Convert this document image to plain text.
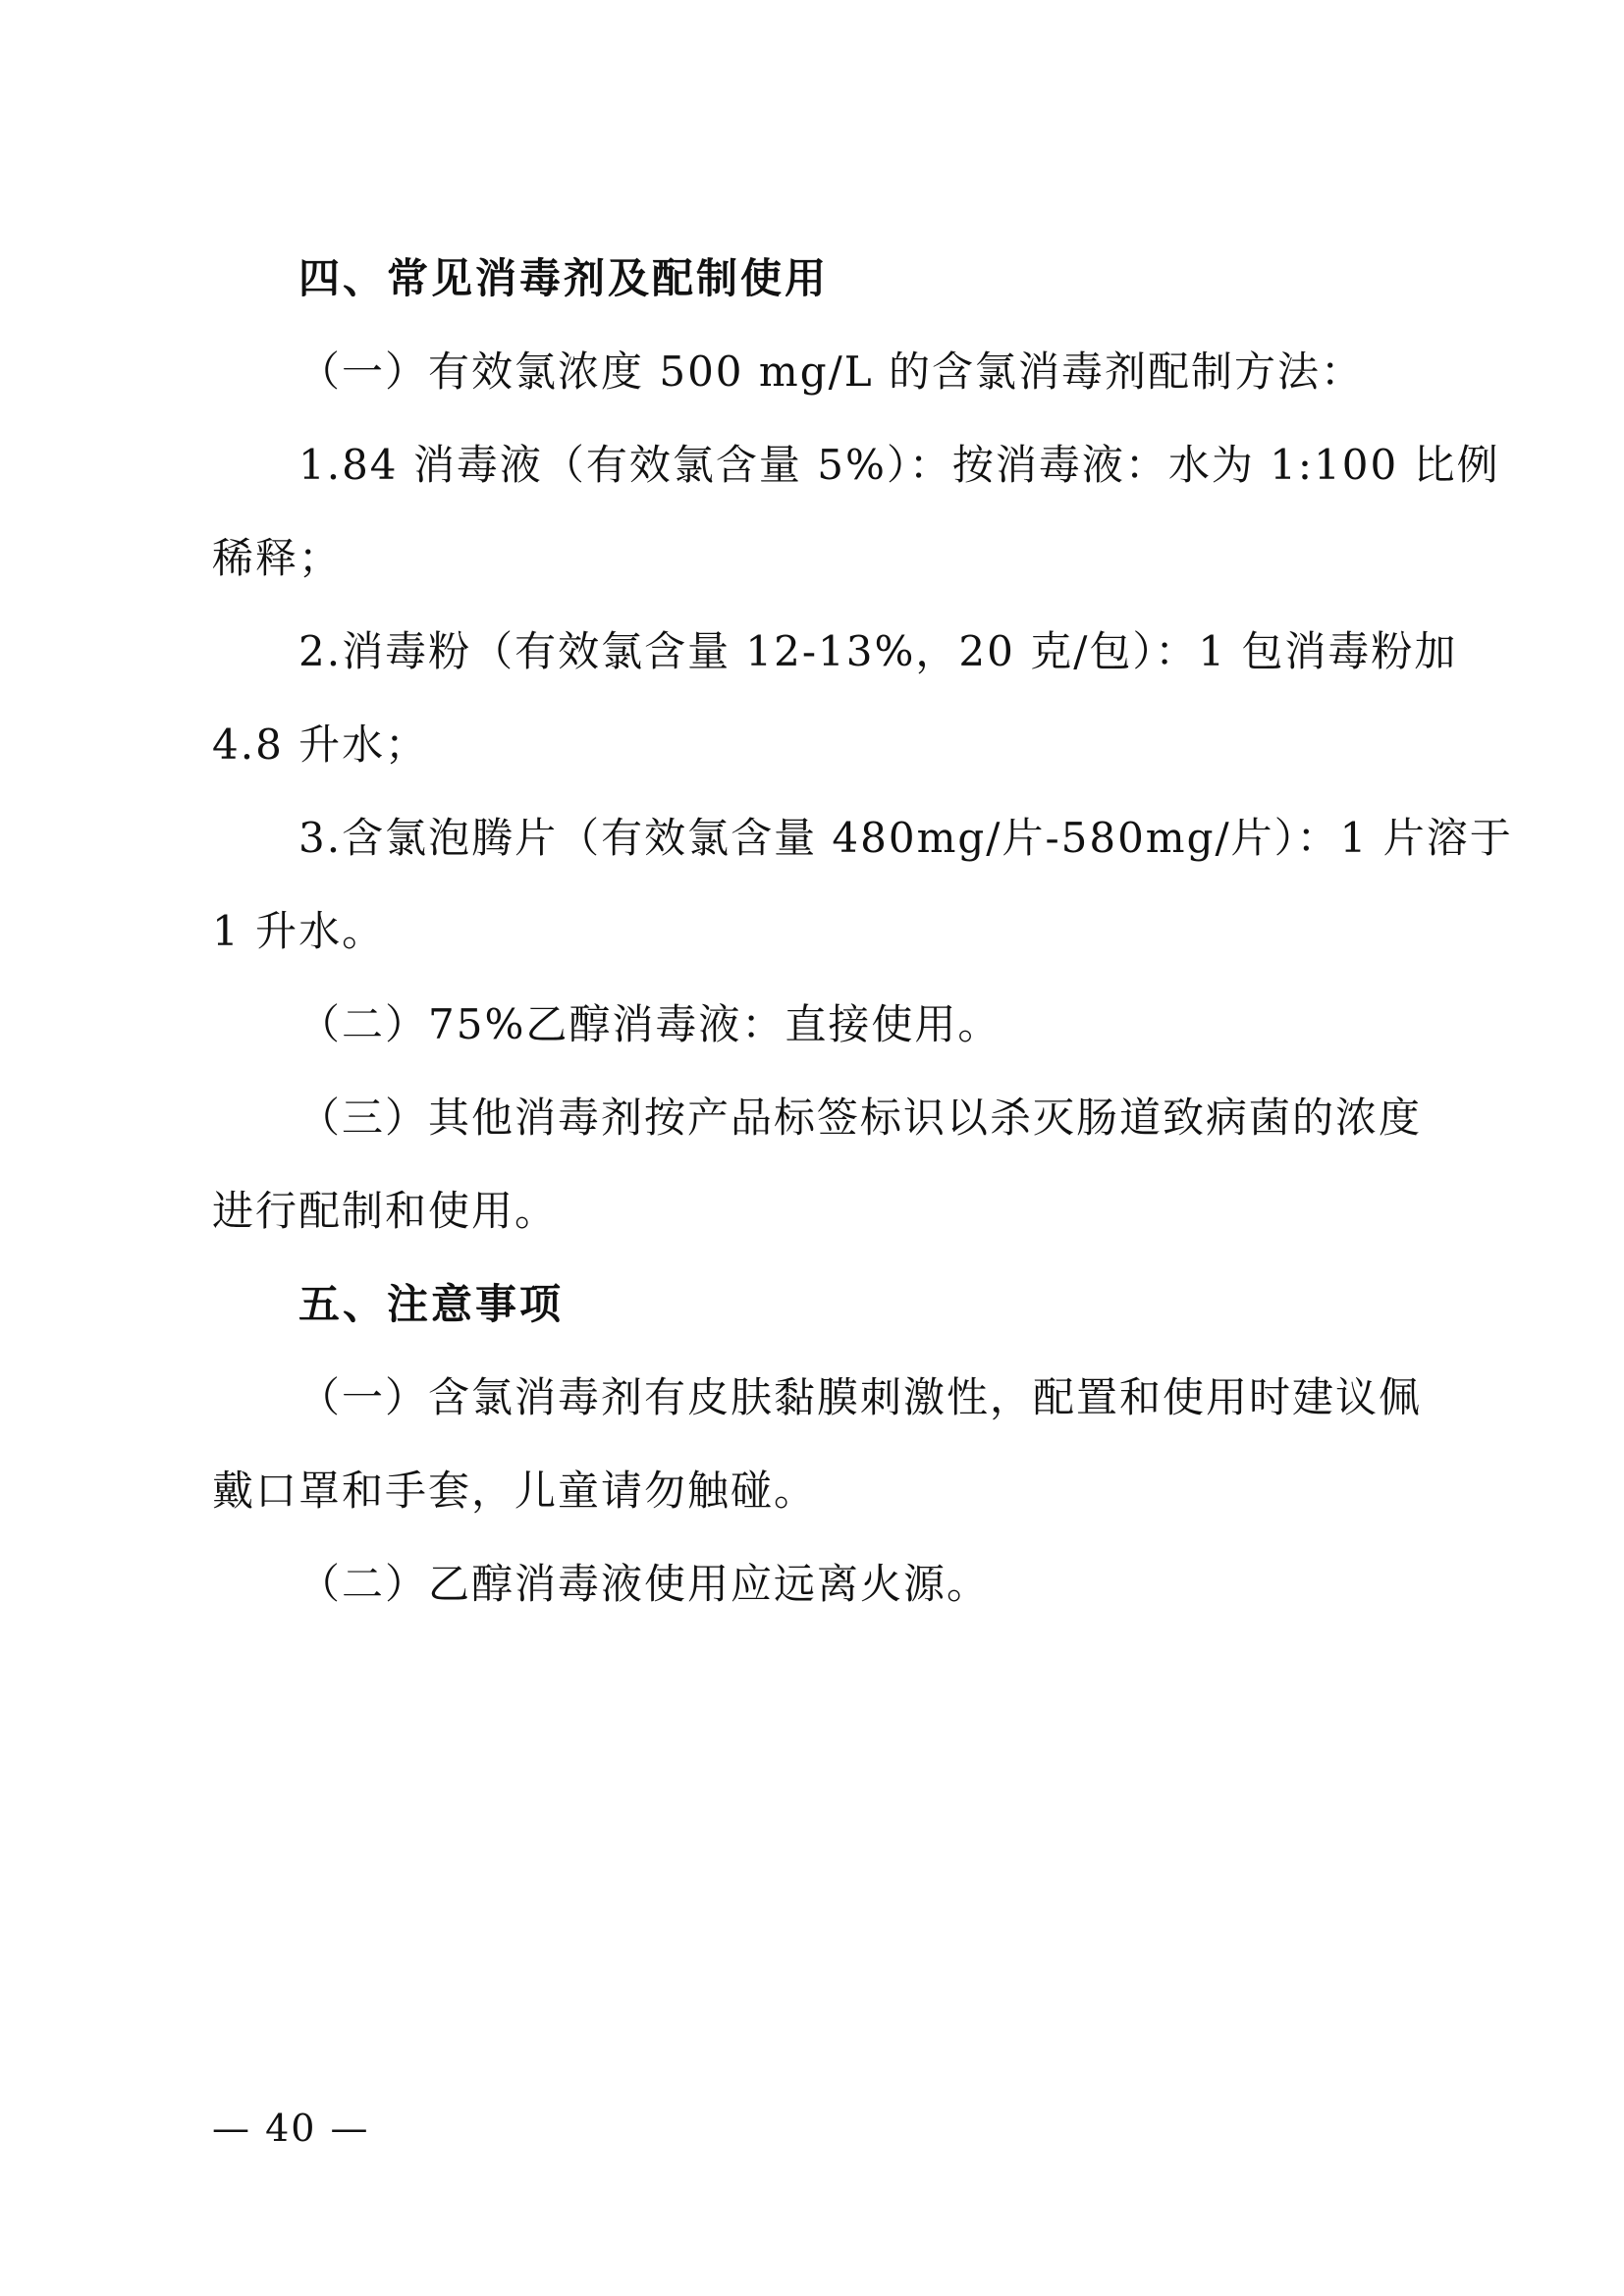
四、常见消毒剂及配制使用
（一）有效氯浓度 500 mg/L 的含氯消毒剂配制方法：
1.84 消毒液（有效氯含量 5%）：按消毒液：水为 1:100 比例
稀释；
2.消毒粉（有效氯含量 12-13%，20 克/包）：1 包消毒粉加
4.8 升水；
3.含氯泡腾片（有效氯含量 480mg/片-580mg/片）：1 片溶于
1 升水。
（二）75%乙醇消毒液：直接使用。
（三）其他消毒剂按产品标签标识以杀灭肠道致病菌的浓度
进行配制和使用。
五、注意事项
（一）含氯消毒剂有皮肤黏膜刺激性，配置和使用时建议佩
戴口罩和手套，儿童请勿触碰。
（二）乙醇消毒液使用应远离火源。
— 40 —
